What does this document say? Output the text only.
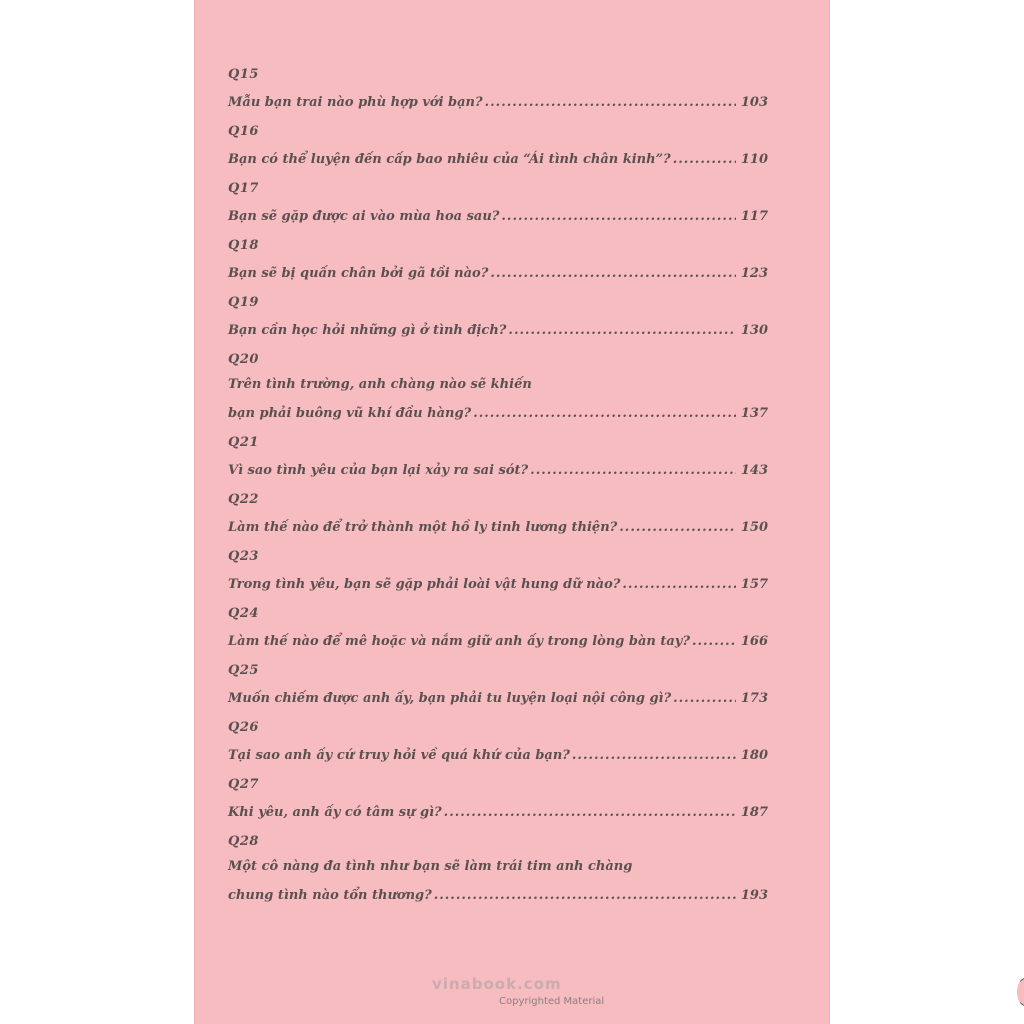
Q15
Mẫu bạn trai nào phù hợp với bạn? .....	103
Q16
Bạn có thể luyện đến cấp bao nhiêu của “Ái tình chân kinh”? .....	110
Q17
Bạn sẽ gặp được ai vào mùa hoa sau? .....	117
Q18
Bạn sẽ bị quấn chân bởi gã tồi nào? .....	123
Q19
Bạn cần học hỏi những gì ở tình địch? .....	130
Q20
Trên tình trường, anh chàng nào sẽ khiến
bạn phải buông vũ khí đầu hàng? .....	137
Q21
Vì sao tình yêu của bạn lại xảy ra sai sót? .....	143
Q22
Làm thế nào để trở thành một hồ ly tinh lương thiện? .....	150
Q23
Trong tình yêu, bạn sẽ gặp phải loài vật hung dữ nào? .....	157
Q24
Làm thế nào để mê hoặc và nắm giữ anh ấy trong lòng bàn tay? .....	166
Q25
Muốn chiếm được anh ấy, bạn phải tu luyện loại nội công gì? .....	173
Q26
Tại sao anh ấy cứ truy hỏi về quá khứ của bạn? .....	180
Q27
Khi yêu, anh ấy có tâm sự gì? .....	187
Q28
Một cô nàng đa tình như bạn sẽ làm trái tim anh chàng
chung tình nào tổn thương? .....	193
vinabook.com
Copyrighted Material
